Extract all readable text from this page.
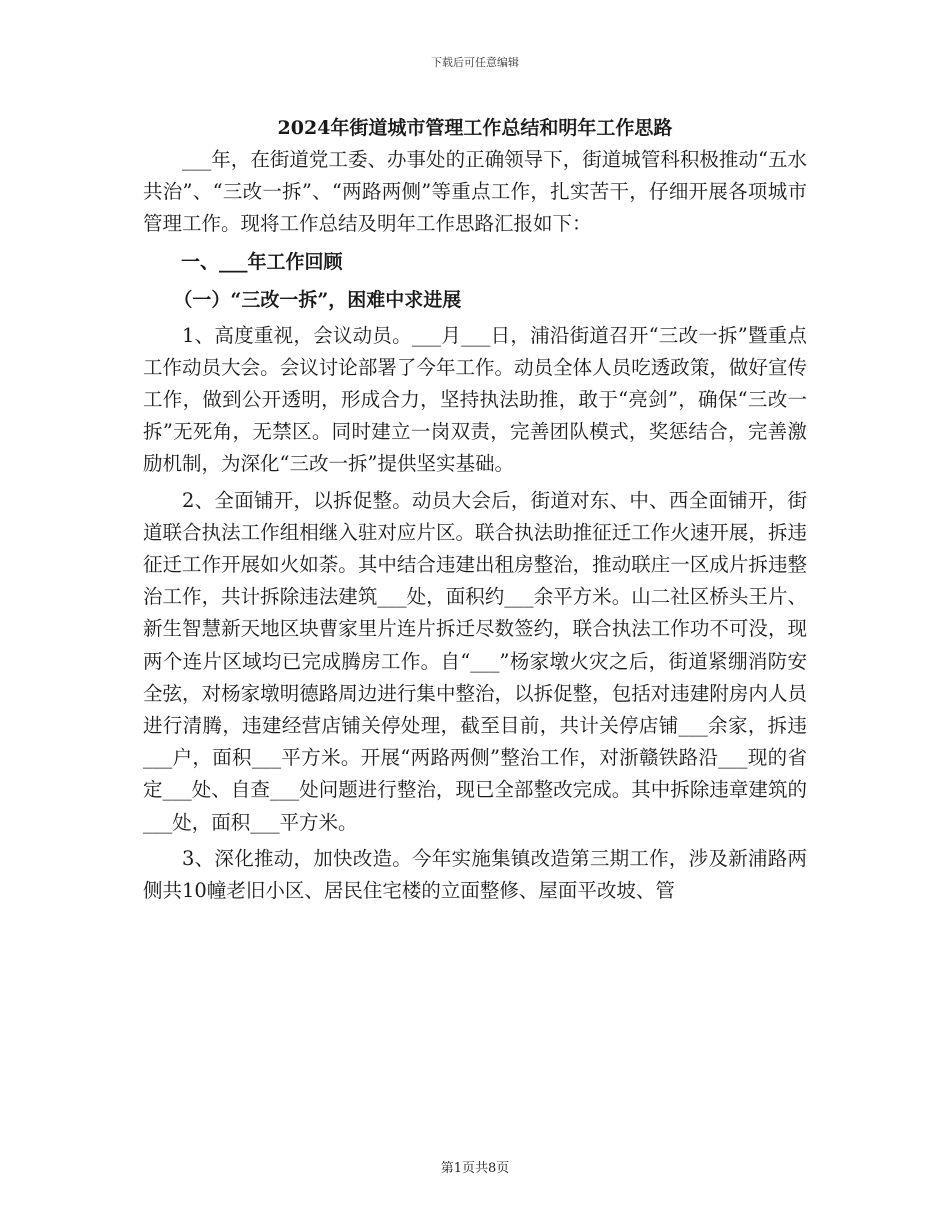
下载后可任意编辑
2024年街道城市管理工作总结和明年工作思路

___年，在街道党工委、办事处的正确领导下，街道城管科积极推动“五水共治”、“三改一拆”、“两路两侧”等重点工作，扎实苦干，仔细开展各项城市管理工作。现将工作总结及明年工作思路汇报如下：

一、___年工作回顾
（一）“三改一拆”，困难中求进展

1、高度重视，会议动员。___月___日，浦沿街道召开“三改一拆”暨重点工作动员大会。会议讨论部署了今年工作。动员全体人员吃透政策，做好宣传工作，做到公开透明，形成合力，坚持执法助推，敢于“亮剑”，确保“三改一拆”无死角，无禁区。同时建立一岗双责，完善团队模式，奖惩结合，完善激励机制，为深化“三改一拆”提供坚实基础。

2、全面铺开，以拆促整。动员大会后，街道对东、中、西全面铺开，街道联合执法工作组相继入驻对应片区。联合执法助推征迁工作火速开展，拆违征迁工作开展如火如荼。其中结合违建出租房整治，推动联庄一区成片拆违整治工作，共计拆除违法建筑___处，面积约___余平方米。山二社区桥头王片、新生智慧新天地区块曹家里片连片拆迁尽数签约，联合执法工作功不可没，现两个连片区域均已完成腾房工作。自“___”杨家墩火灾之后，街道紧绷消防安全弦，对杨家墩明德路周边进行集中整治，以拆促整，包括对违建附房内人员进行清腾，违建经营店铺关停处理，截至目前，共计关停店铺___余家，拆违___户，面积___平方米。开展“两路两侧”整治工作，对浙赣铁路沿___现的省定___处、自查___处问题进行整治，现已全部整改完成。其中拆除违章建筑的___处，面积___平方米。

3、深化推动，加快改造。今年实施集镇改造第三期工作，涉及新浦路两侧共10幢老旧小区、居民住宅楼的立面整修、屋面平改坡、管

第1页共8页
